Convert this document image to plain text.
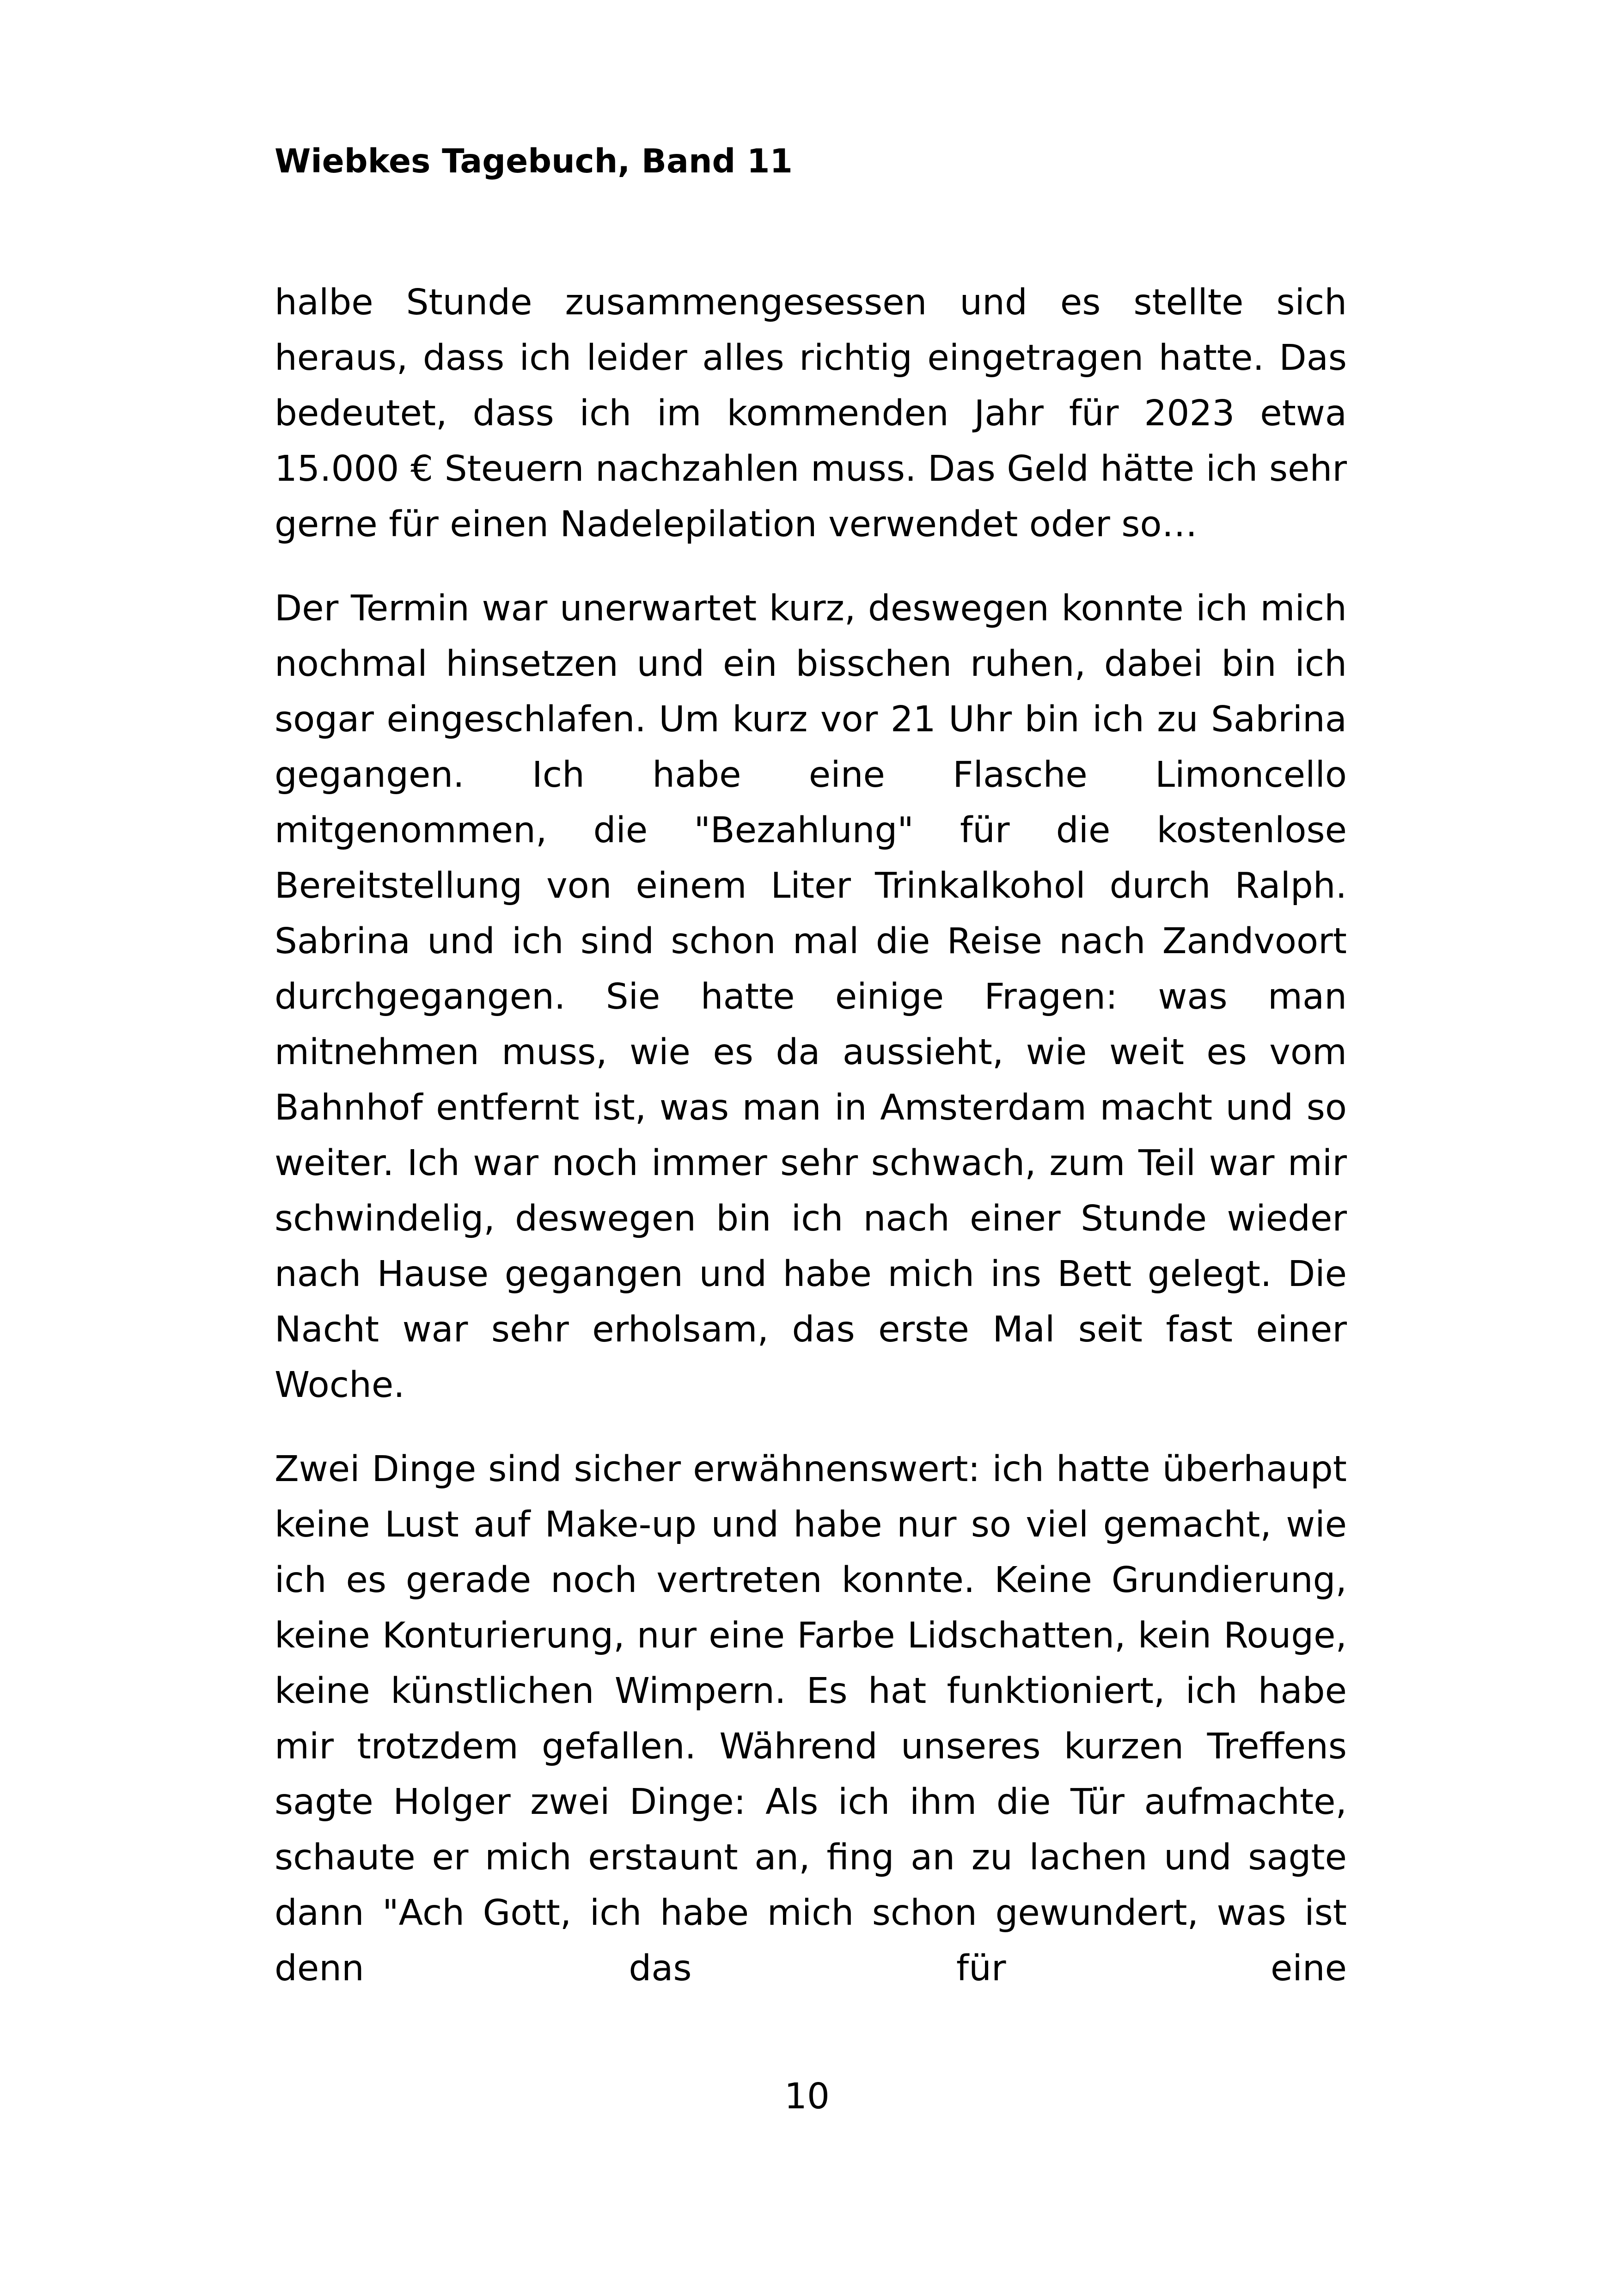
Wiebkes Tagebuch, Band 11

halbe Stunde zusammengesessen und es stellte sich heraus, dass ich leider alles richtig eingetragen hatte. Das bedeutet, dass ich im kommenden Jahr für 2023 etwa 15.000 € Steuern nachzahlen muss. Das Geld hätte ich sehr gerne für einen Nadelepilation verwendet oder so…

Der Termin war unerwartet kurz, deswegen konnte ich mich nochmal hinsetzen und ein bisschen ruhen, dabei bin ich sogar eingeschlafen. Um kurz vor 21 Uhr bin ich zu Sabrina gegangen. Ich habe eine Flasche Limoncello mitgenommen, die "Bezahlung" für die kostenlose Bereitstellung von einem Liter Trinkalkohol durch Ralph. Sabrina und ich sind schon mal die Reise nach Zandvoort durchgegangen. Sie hatte einige Fragen: was man mitnehmen muss, wie es da aussieht, wie weit es vom Bahnhof entfernt ist, was man in Amsterdam macht und so weiter. Ich war noch immer sehr schwach, zum Teil war mir schwindelig, deswegen bin ich nach einer Stunde wieder nach Hause gegangen und habe mich ins Bett gelegt. Die Nacht war sehr erholsam, das erste Mal seit fast einer Woche.

Zwei Dinge sind sicher erwähnenswert: ich hatte überhaupt keine Lust auf Make-up und habe nur so viel gemacht, wie ich es gerade noch vertreten konnte. Keine Grundierung, keine Konturierung, nur eine Farbe Lidschatten, kein Rouge, keine künstlichen Wimpern. Es hat funktioniert, ich habe mir trotzdem gefallen. Während unseres kurzen Treffens sagte Holger zwei Dinge: Als ich ihm die Tür aufmachte, schaute er mich erstaunt an, fing an zu lachen und sagte dann "Ach Gott, ich habe mich schon gewundert, was ist denn das für eine

10
